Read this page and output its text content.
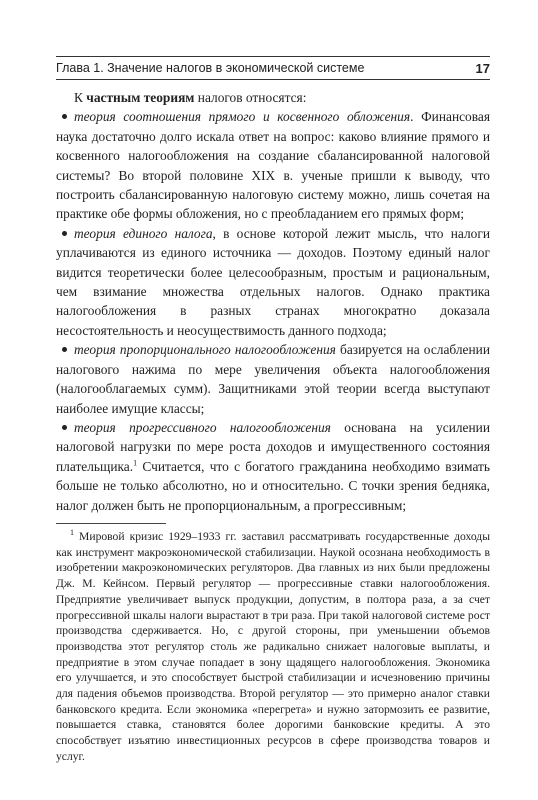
Глава 1. Значение налогов в экономической системе	17

К частным теориям налогов относятся:

теория соотношения прямого и косвенного обложения. Финансовая наука достаточно долго искала ответ на вопрос: каково влияние прямого и косвенного налогообложения на создание сбалансированной налоговой системы? Во второй половине XIX в. ученые пришли к выводу, что построить сбалансированную налоговую систему можно, лишь сочетая на практике обе формы обложения, но с преобладанием его прямых форм;
теория единого налога, в основе которой лежит мысль, что налоги уплачиваются из единого источника — доходов. Поэтому единый налог видится теоретически более целесообразным, простым и рациональным, чем взимание множества отдельных налогов. Однако практика налогообложения в разных странах многократно доказала несостоятельность и неосуществимость данного подхода;
теория пропорционального налогообложения базируется на ослаблении налогового нажима по мере увеличения объекта налогообложения (налогооблагаемых сумм). Защитниками этой теории всегда выступают наиболее имущие классы;
теория прогрессивного налогообложения основана на усилении налоговой нагрузки по мере роста доходов и имущественного состояния плательщика.$^1$ Считается, что с богатого гражданина необходимо взимать больше не только абсолютно, но и относительно. С точки зрения бедняка, налог должен быть не пропорциональным, а прогрессивным;
$^1$ Мировой кризис 1929–1933 гг. заставил рассматривать государственные доходы как инструмент макроэкономической стабилизации. Наукой осознана необходимость в изобретении макроэкономических регуляторов. Два главных из них были предложены Дж. М. Кейнсом. Первый регулятор — прогрессивные ставки налогообложения. Предприятие увеличивает выпуск продукции, допустим, в полтора раза, а за счет прогрессивной шкалы налоги вырастают в три раза. При такой налоговой системе рост производства сдерживается. Но, с другой стороны, при уменьшении объемов производства этот регулятор столь же радикально снижает налоговые выплаты, и предприятие в этом случае попадает в зону щадящего налогообложения. Экономика его улучшается, и это способствует быстрой стабилизации и исчезновению причины для падения объемов производства. Второй регулятор — это примерно аналог ставки банковского кредита. Если экономика «перегрета» и нужно затормозить ее развитие, повышается ставка, становятся более дорогими банковские кредиты. А это способствует изъятию инвестиционных ресурсов в сфере производства товаров и услуг.
